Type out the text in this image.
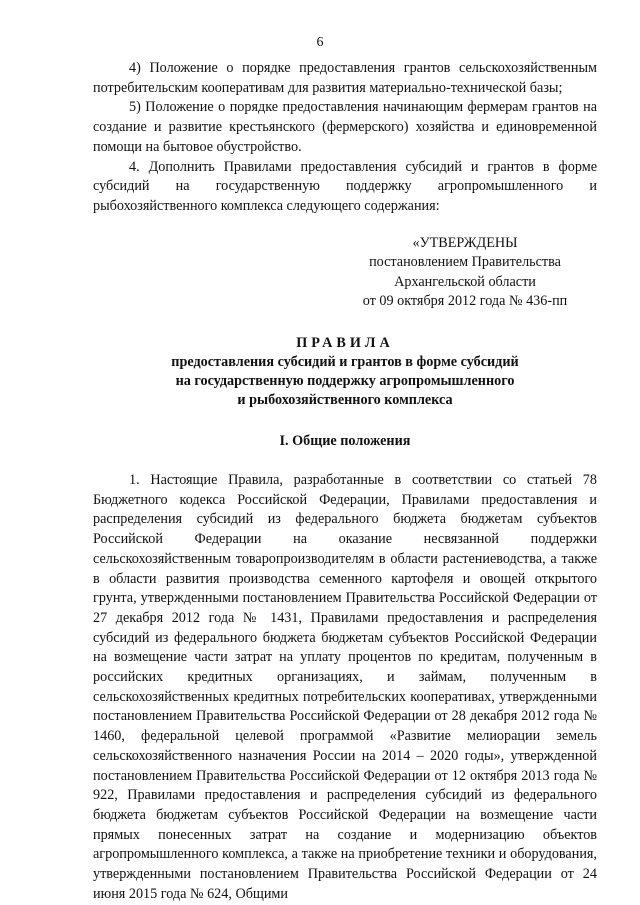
6

4) Положение о порядке предоставления грантов сельскохозяйственным потребительским кооперативам для развития материально-технической базы;

5) Положение о порядке предоставления начинающим фермерам грантов на создание и развитие крестьянского (фермерского) хозяйства и единовременной помощи на бытовое обустройство.

4. Дополнить Правилами предоставления субсидий и грантов в форме субсидий на государственную поддержку агропромышленного и рыбохозяйственного комплекса следующего содержания:

«УТВЕРЖДЕНЫ
постановлением Правительства
Архангельской области
от 09 октября 2012 года № 436-пп
ПРАВИЛА
предоставления субсидий и грантов в форме субсидий
на государственную поддержку агропромышленного
и рыбохозяйственного комплекса
I. Общие положения

1. Настоящие Правила, разработанные в соответствии со статьей 78 Бюджетного кодекса Российской Федерации, Правилами предоставления и распределения субсидий из федерального бюджета бюджетам субъектов Российской Федерации на оказание несвязанной поддержки сельскохозяйственным товаропроизводителям в области растениеводства, а также в области развития производства семенного картофеля и овощей открытого грунта, утвержденными постановлением Правительства Российской Федерации от 27 декабря 2012 года № 1431, Правилами предоставления и распределения субсидий из федерального бюджета бюджетам субъектов Российской Федерации на возмещение части затрат на уплату процентов по кредитам, полученным в российских кредитных организациях, и займам, полученным в сельскохозяйственных кредитных потребительских кооперативах, утвержденными постановлением Правительства Российской Федерации от 28 декабря 2012 года № 1460, федеральной целевой программой «Развитие мелиорации земель сельскохозяйственного назначения России на 2014 – 2020 годы», утвержденной постановлением Правительства Российской Федерации от 12 октября 2013 года № 922, Правилами предоставления и распределения субсидий из федерального бюджета бюджетам субъектов Российской Федерации на возмещение части прямых понесенных затрат на создание и модернизацию объектов агропромышленного комплекса, а также на приобретение техники и оборудования, утвержденными постановлением Правительства Российской Федерации от 24 июня 2015 года № 624, Общими
